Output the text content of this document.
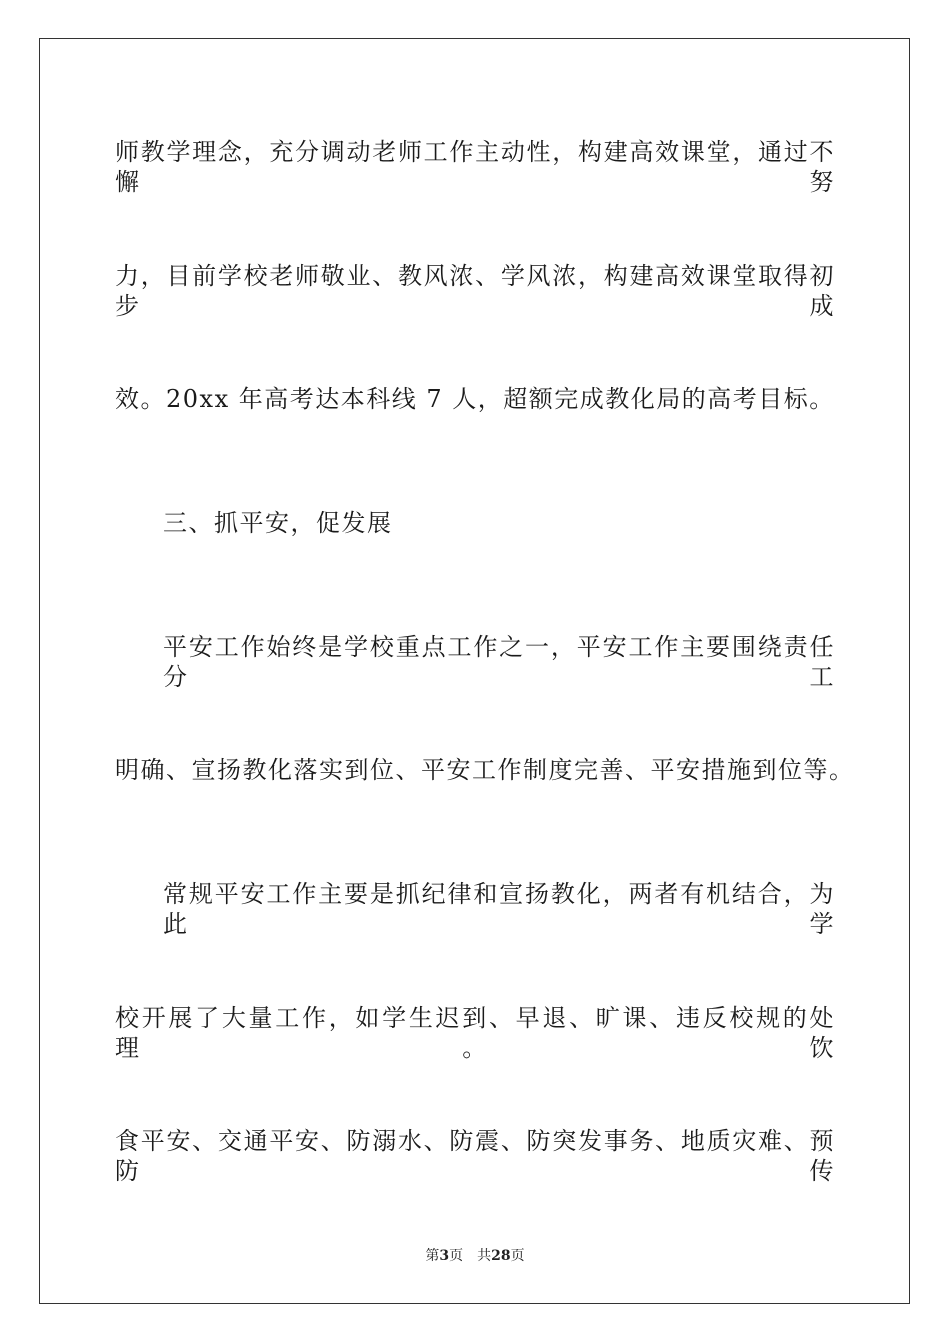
师教学理念，充分调动老师工作主动性，构建高效课堂，通过不懈努
力，目前学校老师敬业、教风浓、学风浓，构建高效课堂取得初步成
效。20xx 年高考达本科线 7 人，超额完成教化局的高考目标。
三、抓平安，促发展
平安工作始终是学校重点工作之一，平安工作主要围绕责任分工
明确、宣扬教化落实到位、平安工作制度完善、平安措施到位等。
常规平安工作主要是抓纪律和宣扬教化，两者有机结合，为此学
校开展了大量工作，如学生迟到、早退、旷课、违反校规的处理。饮
食平安、交通平安、防溺水、防震、防突发事务、地质灾难、预防传
第3页 共28页
